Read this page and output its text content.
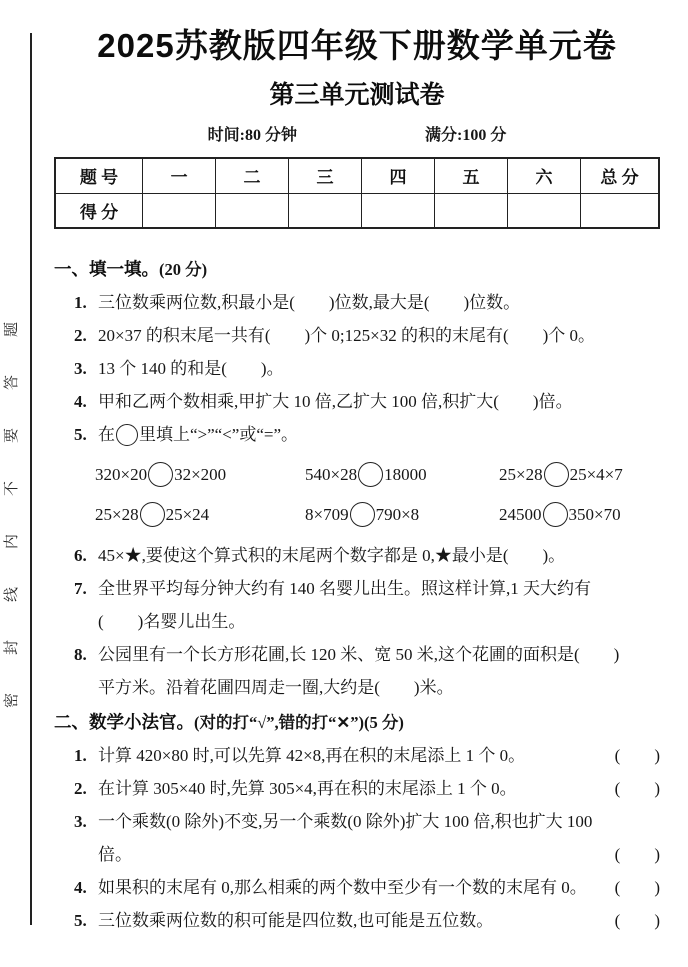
密封线内不要答题
2025苏教版四年级下册数学单元卷
第三单元测试卷
时间:80 分钟	满分:100 分
题 号	一	二	三	四	五	六	总 分
得 分							
一、填一填。(20 分)
1. 三位数乘两位数,积最小是(　　)位数,最大是(　　)位数。
2. 20×37 的积末尾一共有(　　)个 0;125×32 的积的末尾有(　　)个 0。
3. 13 个 140 的和是(　　)。
4. 甲和乙两个数相乘,甲扩大 10 倍,乙扩大 100 倍,积扩大(　　)倍。
5. 在 里填上“>”“<”或“=”。
320×20 32×200	540×28 18000	25×28 25×4×7
25×28 25×24	8×709 790×8	24500 350×70
6. 45×★,要使这个算式积的末尾两个数字都是 0,★最小是(　　)。
7. 全世界平均每分钟大约有 140 名婴儿出生。照这样计算,1 天大约有
(　　)名婴儿出生。
8. 公园里有一个长方形花圃,长 120 米、宽 50 米,这个花圃的面积是(　　)
平方米。沿着花圃四周走一圈,大约是(　　)米。
二、数学小法官。(对的打“√”,错的打“✕”)(5 分)
1. 计算 420×80 时,可以先算 42×8,再在积的末尾添上 1 个 0。	(　　)
2. 在计算 305×40 时,先算 305×4,再在积的末尾添上 1 个 0。	(　　)
3. 一个乘数(0 除外)不变,另一个乘数(0 除外)扩大 100 倍,积也扩大 100
倍。	(　　)
4. 如果积的末尾有 0,那么相乘的两个数中至少有一个数的末尾有 0。	(　　)
5. 三位数乘两位数的积可能是四位数,也可能是五位数。	(　　)
